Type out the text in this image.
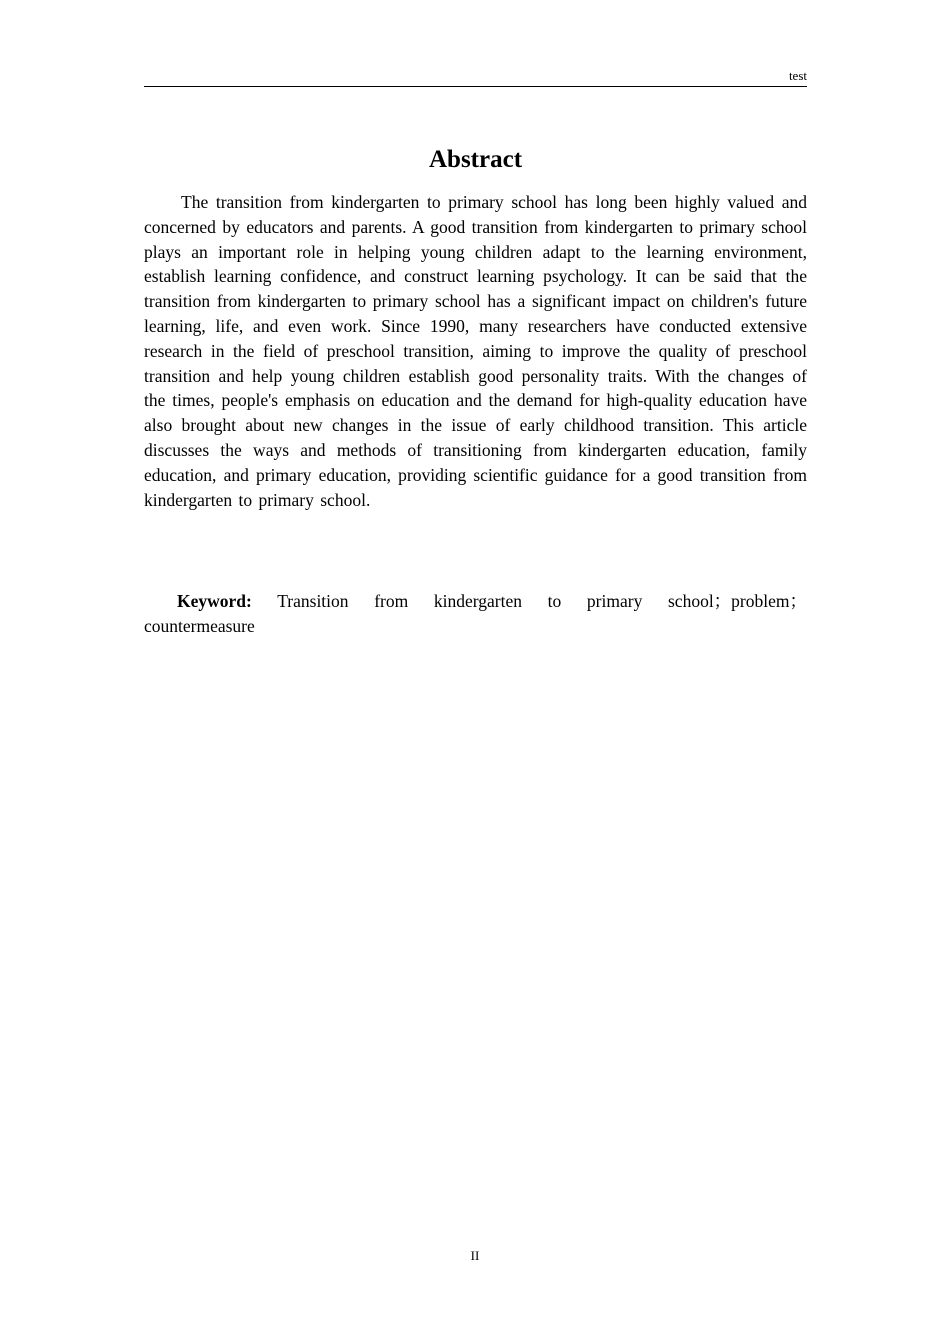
test
Abstract

The transition from kindergarten to primary school has long been highly valued and concerned by educators and parents. A good transition from kindergarten to primary school plays an important role in helping young children adapt to the learning environment, establish learning confidence, and construct learning psychology. It can be said that the transition from kindergarten to primary school has a significant impact on children's future learning, life, and even work. Since 1990, many researchers have conducted extensive research in the field of preschool transition, aiming to improve the quality of preschool transition and help young children establish good personality traits. With the changes of the times, people's emphasis on education and the demand for high-quality education have also brought about new changes in the issue of early childhood transition. This article discusses the ways and methods of transitioning from kindergarten education, family education, and primary education, providing scientific guidance for a good transition from kindergarten to primary school.

Keyword: Transition from kindergarten to primary school；problem；countermeasure

II
